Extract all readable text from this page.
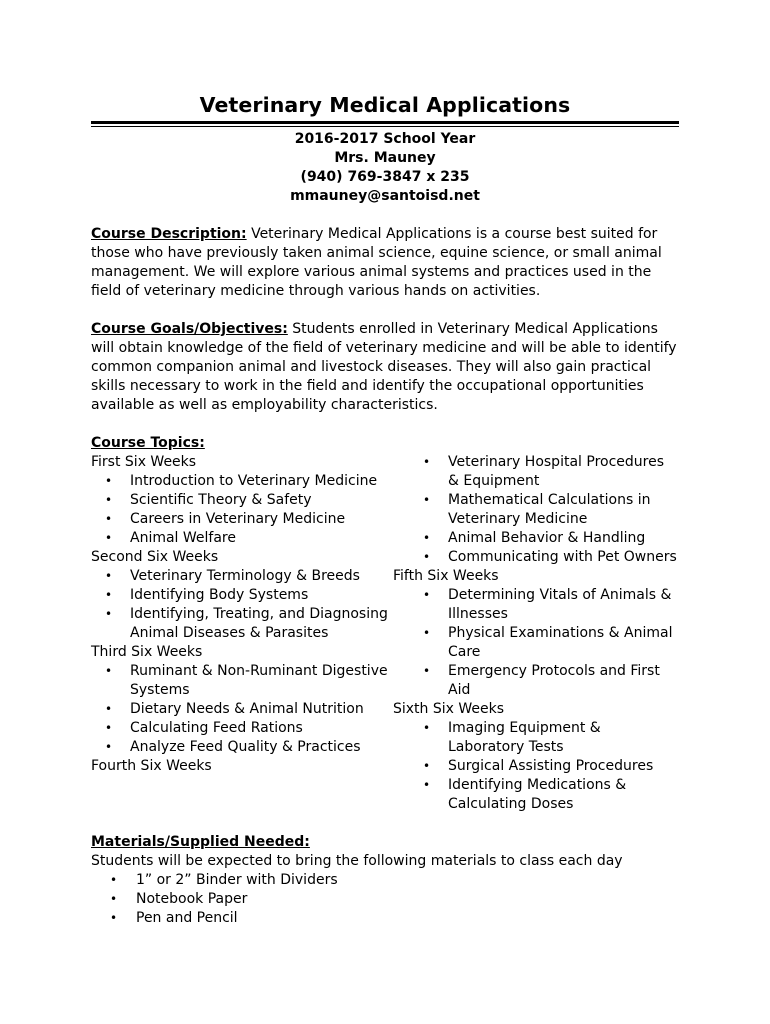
Veterinary Medical Applications
2016-2017 School Year
Mrs. Mauney
(940) 769-3847 x 235
mmauney@santoisd.net
Course Description: Veterinary Medical Applications is a course best suited for those who have previously taken animal science, equine science, or small animal management. We will explore various animal systems and practices used in the field of veterinary medicine through various hands on activities.
Course Goals/Objectives: Students enrolled in Veterinary Medical Applications will obtain knowledge of the field of veterinary medicine and will be able to identify common companion animal and livestock diseases. They will also gain practical skills necessary to work in the field and identify the occupational opportunities available as well as employability characteristics.
Course Topics:
First Six Weeks
• Introduction to Veterinary Medicine
• Scientific Theory & Safety
• Careers in Veterinary Medicine
• Animal Welfare
Second Six Weeks
• Veterinary Terminology & Breeds
• Identifying Body Systems
• Identifying, Treating, and Diagnosing Animal Diseases & Parasites
Third Six Weeks
• Ruminant & Non-Ruminant Digestive Systems
• Dietary Needs & Animal Nutrition
• Calculating Feed Rations
• Analyze Feed Quality & Practices
Fourth Six Weeks
• Veterinary Hospital Procedures & Equipment
• Mathematical Calculations in Veterinary Medicine
• Animal Behavior & Handling
• Communicating with Pet Owners
Fifth Six Weeks
• Determining Vitals of Animals & Illnesses
• Physical Examinations & Animal Care
• Emergency Protocols and First Aid
Sixth Six Weeks
• Imaging Equipment & Laboratory Tests
• Surgical Assisting Procedures
• Identifying Medications & Calculating Doses
Materials/Supplied Needed:
Students will be expected to bring the following materials to class each day
• 1” or 2” Binder with Dividers
• Notebook Paper
• Pen and Pencil
